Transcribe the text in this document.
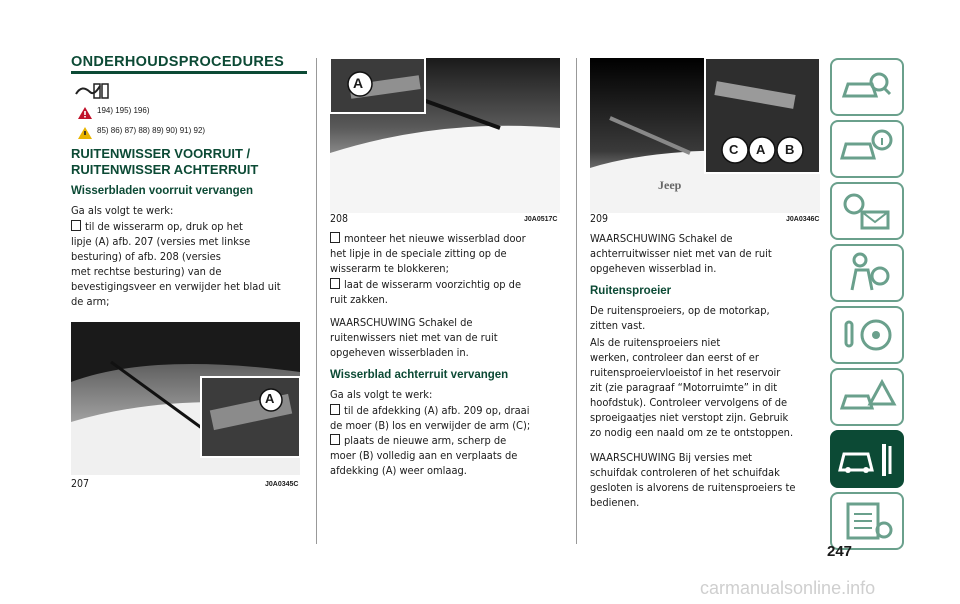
ONDERHOUDSPROCEDURES
194) 195) 196)
85) 86) 87) 88) 89) 90) 91) 92)
RUITENWISSER VOORRUIT /
RUITENWISSER ACHTERRUIT
Wisserbladen voorruit vervangen
Ga als volgt te werk:

til de wisserarm op, druk op het

lipje (A) afb. 207 (versies met linkse

besturing) of afb. 208 (versies

met rechtse besturing) van de

bevestigingsveer en verwijder het blad uit

de arm;

A
207	J0A0345C
A
208	J0A0517C

monteer het nieuwe wisserblad door

het lipje in de speciale zitting op de

wisserarm te blokkeren;

laat de wisserarm voorzichtig op de

ruit zakken.

WAARSCHUWING Schakel de

ruitenwissers niet met van de ruit

opgeheven wisserbladen in.

Wisserblad achterruit vervangen
Ga als volgt te werk:

til de afdekking (A) afb. 209 op, draai

de moer (B) los en verwijder de arm (C);

plaats de nieuwe arm, scherp de

moer (B) volledig aan en verplaats de

afdekking (A) weer omlaag.

C A B
Jeep
209	J0A0346C

WAARSCHUWING Schakel de

achterruitwisser niet met van de ruit

opgeheven wisserblad in.

Ruitensproeier

De ruitensproeiers, op de motorkap,

zitten vast.

Als de ruitensproeiers niet

werken, controleer dan eerst of er

ruitensproeiervloeistof in het reservoir

zit (zie paragraaf “Motorruimte” in dit

hoofdstuk). Controleer vervolgens of de

sproeigaatjes niet verstopt zijn. Gebruik

zo nodig een naald om ze te ontstoppen.

WAARSCHUWING Bij versies met

schuifdak controleren of het schuifdak

gesloten is alvorens de ruitensproeiers te

bedienen.

247
carmanualsonline.info
